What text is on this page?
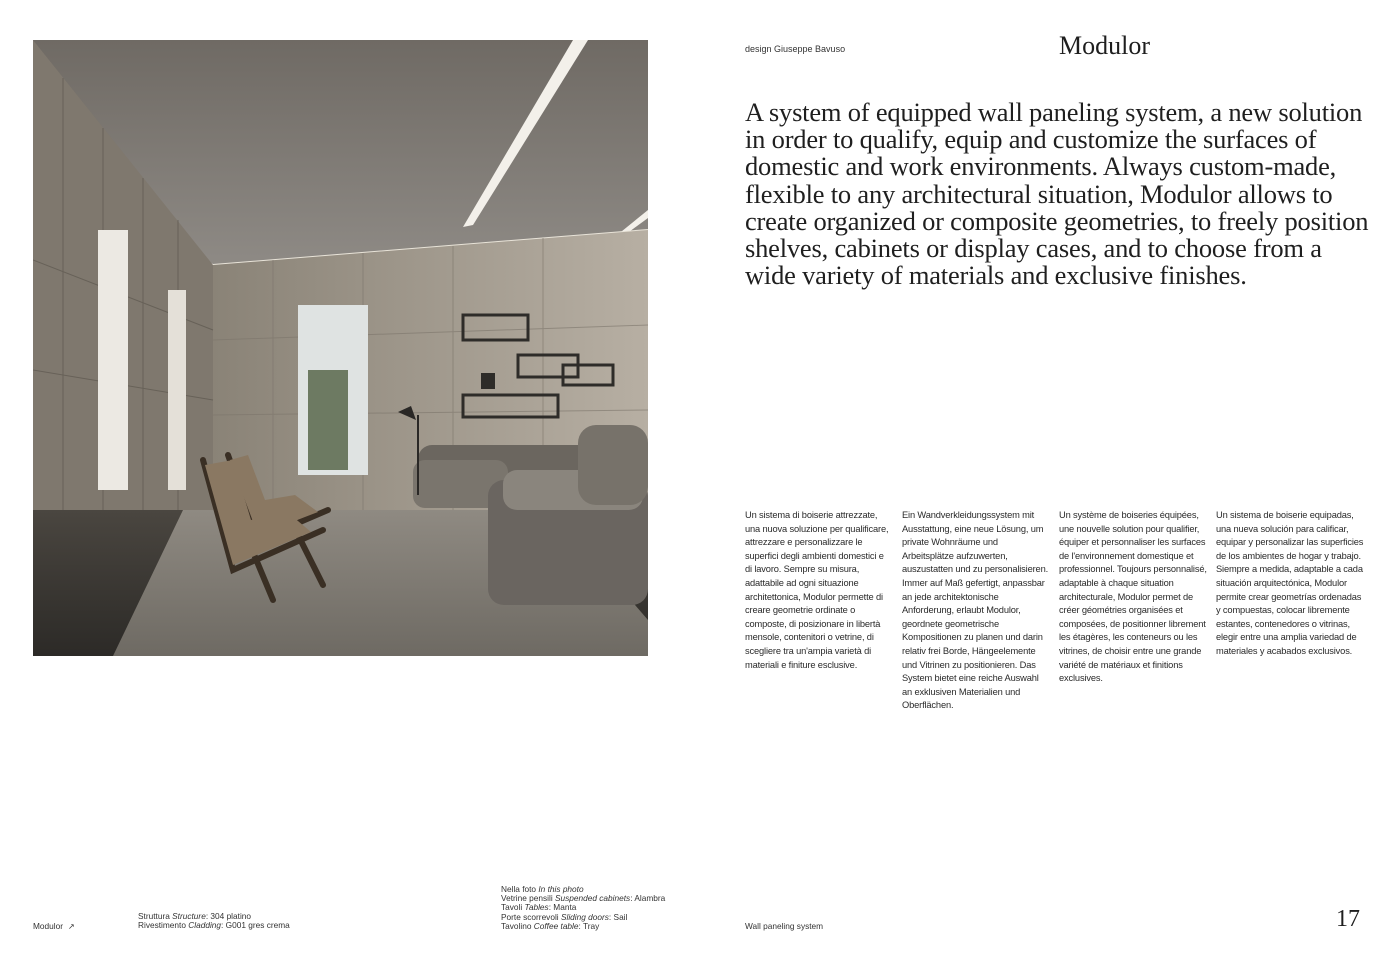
design Giuseppe Bavuso	Modulor

A system of equipped wall paneling system, a new solution in order to qualify, equip and customize the surfaces of domestic and work environments. Always custom-made, flexible to any architectural situation, Modulor allows to create organized or composite geometries, to freely position shelves, cabinets or display cases, and to choose from a wide variety of materials and exclusive finishes.

Un sistema di boiserie attrezzate, una nuova soluzione per qualificare, attrezzare e personalizzare le superfici degli ambienti domestici e di lavoro. Sempre su misura, adattabile ad ogni situazione architettonica, Modulor permette di creare geometrie ordinate o composte, di posizionare in libertà mensole, contenitori o vetrine, di scegliere tra un'ampia varietà di materiali e finiture esclusive.

Ein Wandverkleidungssystem mit Ausstattung, eine neue Lösung, um private Wohnräume und Arbeitsplätze aufzuwerten, auszustatten und zu personalisieren. Immer auf Maß gefertigt, anpassbar an jede architektonische Anforderung, erlaubt Modulor, geordnete geometrische Kompositionen zu planen und darin relativ frei Borde, Hängeelemente und Vitrinen zu positionieren. Das System bietet eine reiche Auswahl an exklusiven Materialien und Oberflächen.

Un système de boiseries équipées, une nouvelle solution pour qualifier, équiper et personnaliser les surfaces de l'environnement domestique et professionnel. Toujours personnalisé, adaptable à chaque situation architecturale, Modulor permet de créer géométries organisées et composées, de positionner librement les étagères, les conteneurs ou les vitrines, de choisir entre une grande variété de matériaux et finitions exclusives.

Un sistema de boiserie equipadas, una nueva solución para calificar, equipar y personalizar las superficies de los ambientes de hogar y trabajo. Siempre a medida, adaptable a cada situación arquitectónica, Modulor permite crear geometrías ordenadas y compuestas, colocar libremente estantes, contenedores o vitrinas, elegir entre una amplia variedad de materiales y acabados exclusivos.

Modulor ↗
Struttura Structure: 304 platino
Rivestimento Cladding: G001 gres crema
Nella foto In this photo
Vetrine pensili Suspended cabinets: Alambra
Tavoli Tables: Manta
Porte scorrevoli Sliding doors: Sail
Tavolino Coffee table: Tray	Wall paneling system	17
